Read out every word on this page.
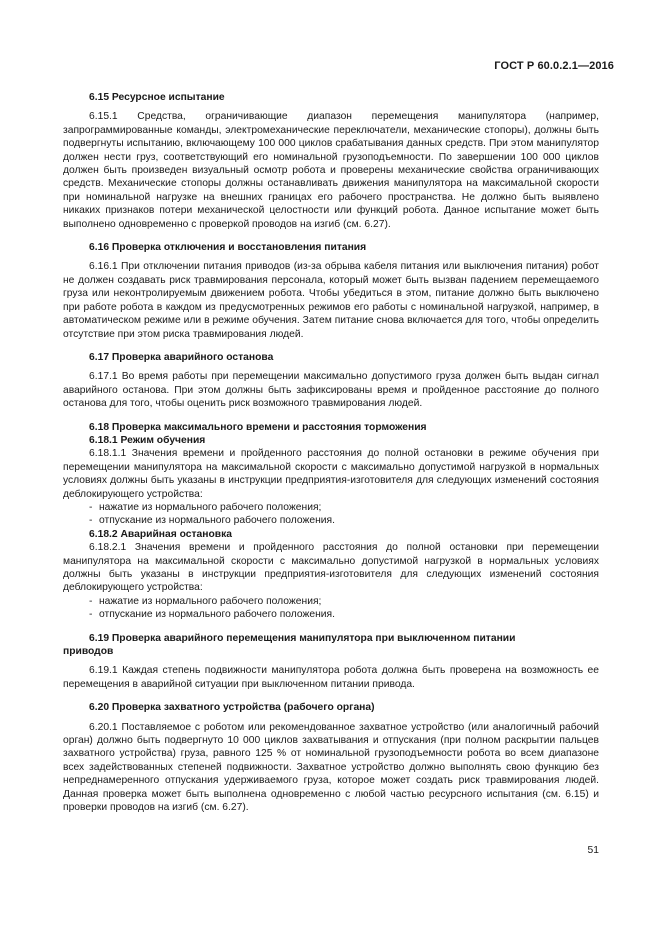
ГОСТ Р 60.0.2.1—2016

6.15 Ресурсное испытание

6.15.1 Средства, ограничивающие диапазон перемещения манипулятора (например, запрограммированные команды, электромеханические переключатели, механические стопоры), должны быть подвергнуты испытанию, включающему 100 000 циклов срабатывания данных средств. При этом манипулятор должен нести груз, соответствующий его номинальной грузоподъемности. По завершении 100 000 циклов должен быть произведен визуальный осмотр робота и проверены механические свойства ограничивающих средств. Механические стопоры должны останавливать движения манипулятора на максимальной скорости при номинальной нагрузке на внешних границах его рабочего пространства. Не должно быть выявлено никаких признаков потери механической целостности или функций робота. Данное испытание может быть выполнено одновременно с проверкой проводов на изгиб (см. 6.27).

6.16 Проверка отключения и восстановления питания

6.16.1 При отключении питания приводов (из-за обрыва кабеля питания или выключения питания) робот не должен создавать риск травмирования персонала, который может быть вызван падением перемещаемого груза или неконтролируемым движением робота. Чтобы убедиться в этом, питание должно быть выключено при работе робота в каждом из предусмотренных режимов его работы с номинальной нагрузкой, например, в автоматическом режиме или в режиме обучения. Затем питание снова включается для того, чтобы определить отсутствие при этом риска травмирования людей.

6.17 Проверка аварийного останова

6.17.1 Во время работы при перемещении максимально допустимого груза должен быть выдан сигнал аварийного останова. При этом должны быть зафиксированы время и пройденное расстояние до полного останова для того, чтобы оценить риск возможного травмирования людей.

6.18 Проверка максимального времени и расстояния торможения

6.18.1 Режим обучения

6.18.1.1 Значения времени и пройденного расстояния до полной остановки в режиме обучения при перемещении манипулятора на максимальной скорости с максимально допустимой нагрузкой в нормальных условиях должны быть указаны в инструкции предприятия-изготовителя для следующих изменений состояния деблокирующего устройства:

- нажатие из нормального рабочего положения;

- отпускание из нормального рабочего положения.

6.18.2 Аварийная остановка

6.18.2.1 Значения времени и пройденного расстояния до полной остановки при перемещении манипулятора на максимальной скорости с максимально допустимой нагрузкой в нормальных условиях должны быть указаны в инструкции предприятия-изготовителя для следующих изменений состояния деблокирующего устройства:

- нажатие из нормального рабочего положения;

- отпускание из нормального рабочего положения.

6.19 Проверка аварийного перемещения манипулятора при выключенном питании приводов

6.19.1 Каждая степень подвижности манипулятора робота должна быть проверена на возможность ее перемещения в аварийной ситуации при выключенном питании привода.

6.20 Проверка захватного устройства (рабочего органа)

6.20.1 Поставляемое с роботом или рекомендованное захватное устройство (или аналогичный рабочий орган) должно быть подвергнуто 10 000 циклов захватывания и отпускания (при полном раскрытии пальцев захватного устройства) груза, равного 125 % от номинальной грузоподъемности робота во всем диапазоне всех задействованных степеней подвижности. Захватное устройство должно выполнять свою функцию без непреднамеренного отпускания удерживаемого груза, которое может создать риск травмирования людей. Данная проверка может быть выполнена одновременно с любой частью ресурсного испытания (см. 6.15) и проверки проводов на изгиб (см. 6.27).

51
